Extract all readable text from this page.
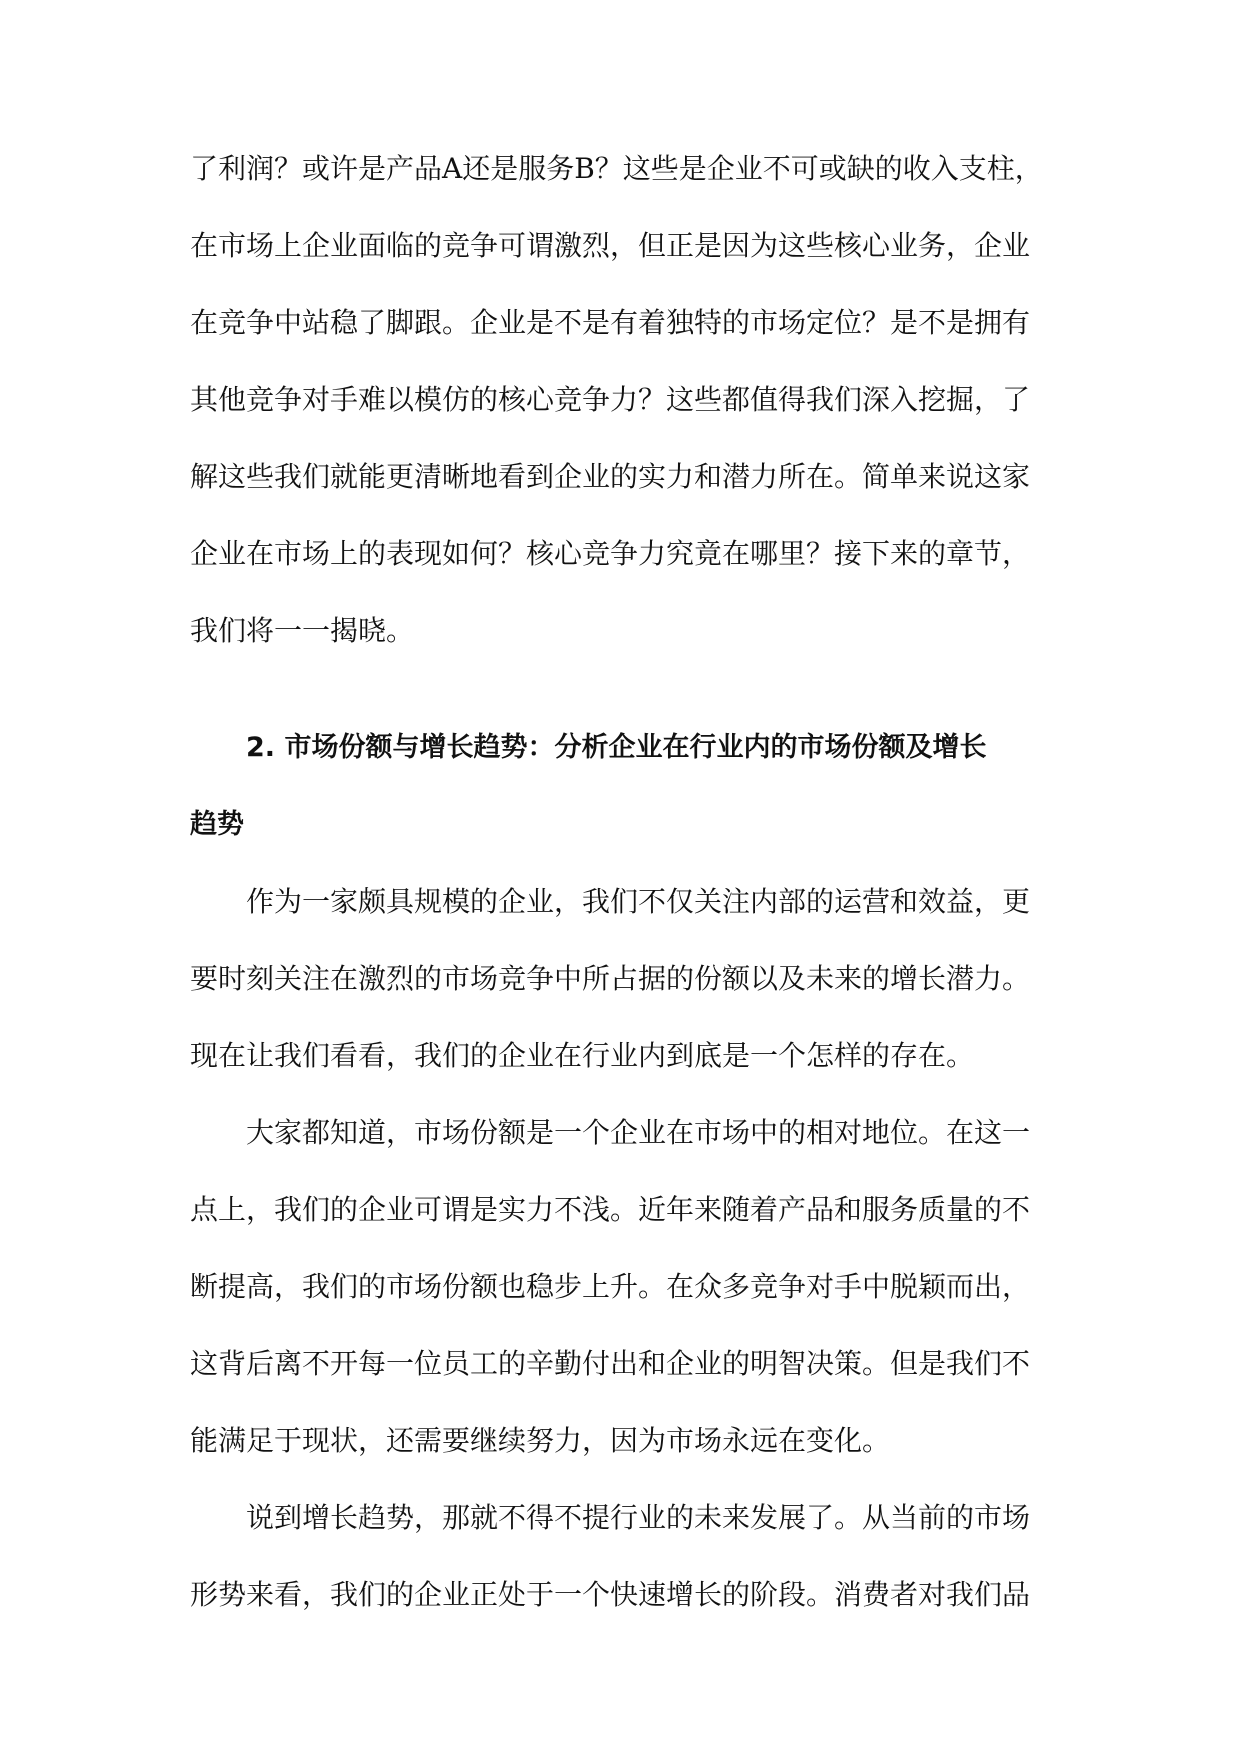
了利润？或许是产品A还是服务B？这些是企业不可或缺的收入支柱，
在市场上企业面临的竞争可谓激烈，但正是因为这些核心业务，企业
在竞争中站稳了脚跟。企业是不是有着独特的市场定位？是不是拥有
其他竞争对手难以模仿的核心竞争力？这些都值得我们深入挖掘，了
解这些我们就能更清晰地看到企业的实力和潜力所在。简单来说这家
企业在市场上的表现如何？核心竞争力究竟在哪里？接下来的章节，
我们将一一揭晓。
2. 市场份额与增长趋势：分析企业在行业内的市场份额及增长
趋势
作为一家颇具规模的企业，我们不仅关注内部的运营和效益，更
要时刻关注在激烈的市场竞争中所占据的份额以及未来的增长潜力。
现在让我们看看，我们的企业在行业内到底是一个怎样的存在。
大家都知道，市场份额是一个企业在市场中的相对地位。在这一
点上，我们的企业可谓是实力不浅。近年来随着产品和服务质量的不
断提高，我们的市场份额也稳步上升。在众多竞争对手中脱颖而出，
这背后离不开每一位员工的辛勤付出和企业的明智决策。但是我们不
能满足于现状，还需要继续努力，因为市场永远在变化。
说到增长趋势，那就不得不提行业的未来发展了。从当前的市场
形势来看，我们的企业正处于一个快速增长的阶段。消费者对我们品
